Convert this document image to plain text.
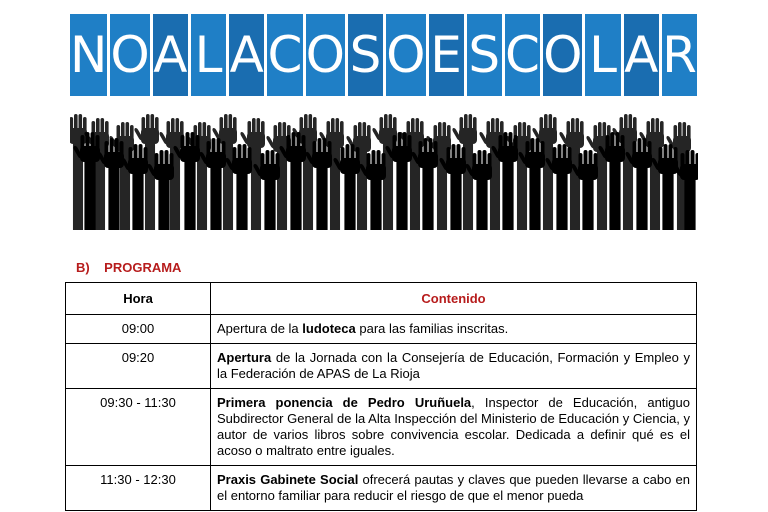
N O A L A C O S O E S C O L A R
B)    PROGRAMA
Hora	Contenido
09:00	Apertura de la ludoteca para las familias inscritas.
09:20	Apertura de la Jornada con la Consejería de Educación, Formación y Empleo y la Federación de APAS de La Rioja
09:30 - 11:30	Primera ponencia de Pedro Uruñuela, Inspector de Educación, antiguo Subdirector General de la Alta Inspección del Ministerio de Educación y Ciencia, y autor de varios libros sobre convivencia escolar. Dedicada a definir qué es el acoso o maltrato entre iguales.
11:30 - 12:30	Praxis Gabinete Social ofrecerá pautas y claves que pueden llevarse a cabo en el entorno familiar para reducir el riesgo de que el menor pueda
